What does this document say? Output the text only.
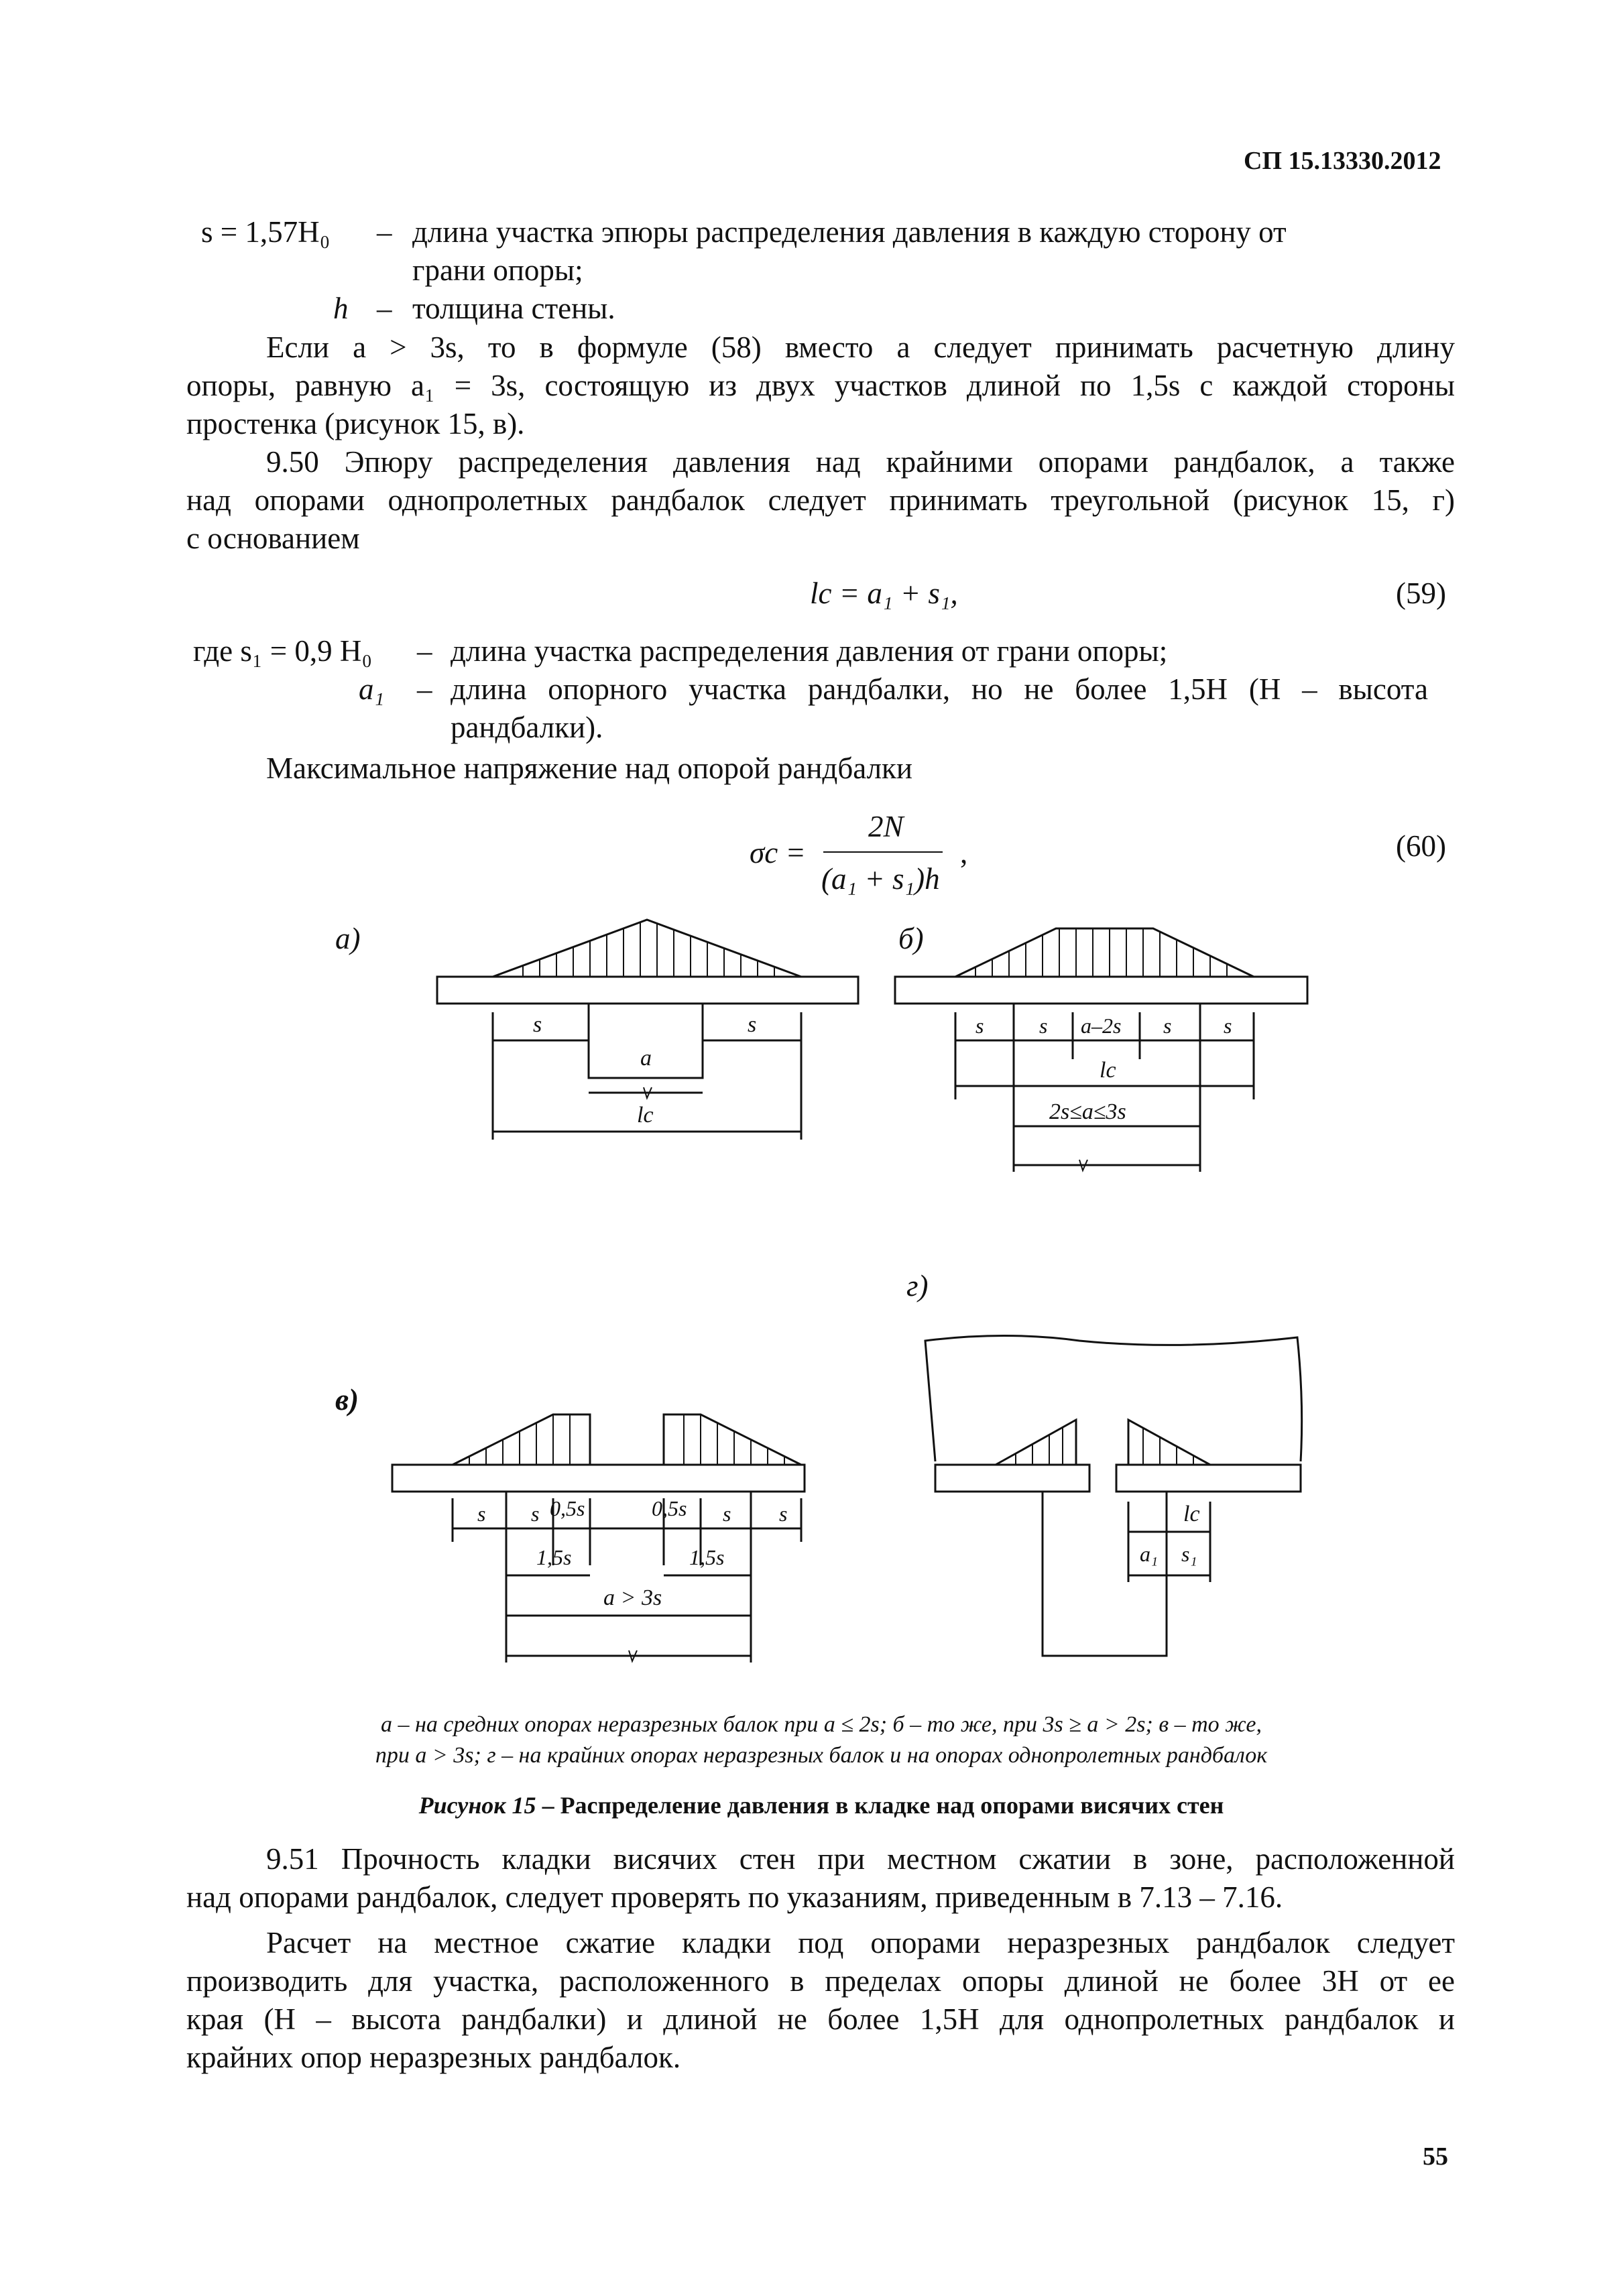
СП 15.13330.2012
s = 1,57H₀ – длина участка эпюры распределения давления в каждую сторону от
грани опоры;
h – толщина стены.
Если a > 3s, то в формуле (58) вместо a следует принимать расчетную длину
опоры, равную a₁ = 3s, состоящую из двух участков длиной по 1,5s с каждой стороны
простенка (рисунок 15, в).
9.50 Эпюру распределения давления над крайними опорами рандбалок, а также
над опорами однопролетных рандбалок следует принимать треугольной (рисунок 15, г)
с основанием
lc = a₁ + s₁,	(59)
где s₁ = 0,9 H₀ – длина участка распределения давления от грани опоры;
a₁ – длина опорного участка рандбалки, но не более 1,5H (H – высота
рандбалки).
Максимальное напряжение над опорой рандбалки
σc =
2N
(a₁ + s₁)h
,	(60)
а)	б)
в)
г)
s	s
a
lc
s	s a–2s s s
lc
2s≤a≤3s
s s 0,5s	0,5s s s
1,5s	1,5s
a > 3s
lc
a₁ s₁
а – на средних опорах неразрезных балок при a ≤ 2s; б – то же, при 3s ≥ a > 2s; в – то же,
при a > 3s; г – на крайних опорах неразрезных балок и на опорах однопролетных рандбалок
Рисунок 15 – Распределение давления в кладке над опорами висячих стен
9.51 Прочность кладки висячих стен при местном сжатии в зоне, расположенной
над опорами рандбалок, следует проверять по указаниям, приведенным в 7.13 – 7.16.
Расчет на местное сжатие кладки под опорами неразрезных рандбалок следует
производить для участка, расположенного в пределах опоры длиной не более 3H от ее
края (H – высота рандбалки) и длиной не более 1,5H для однопролетных рандбалок и
крайних опор неразрезных рандбалок.
55
